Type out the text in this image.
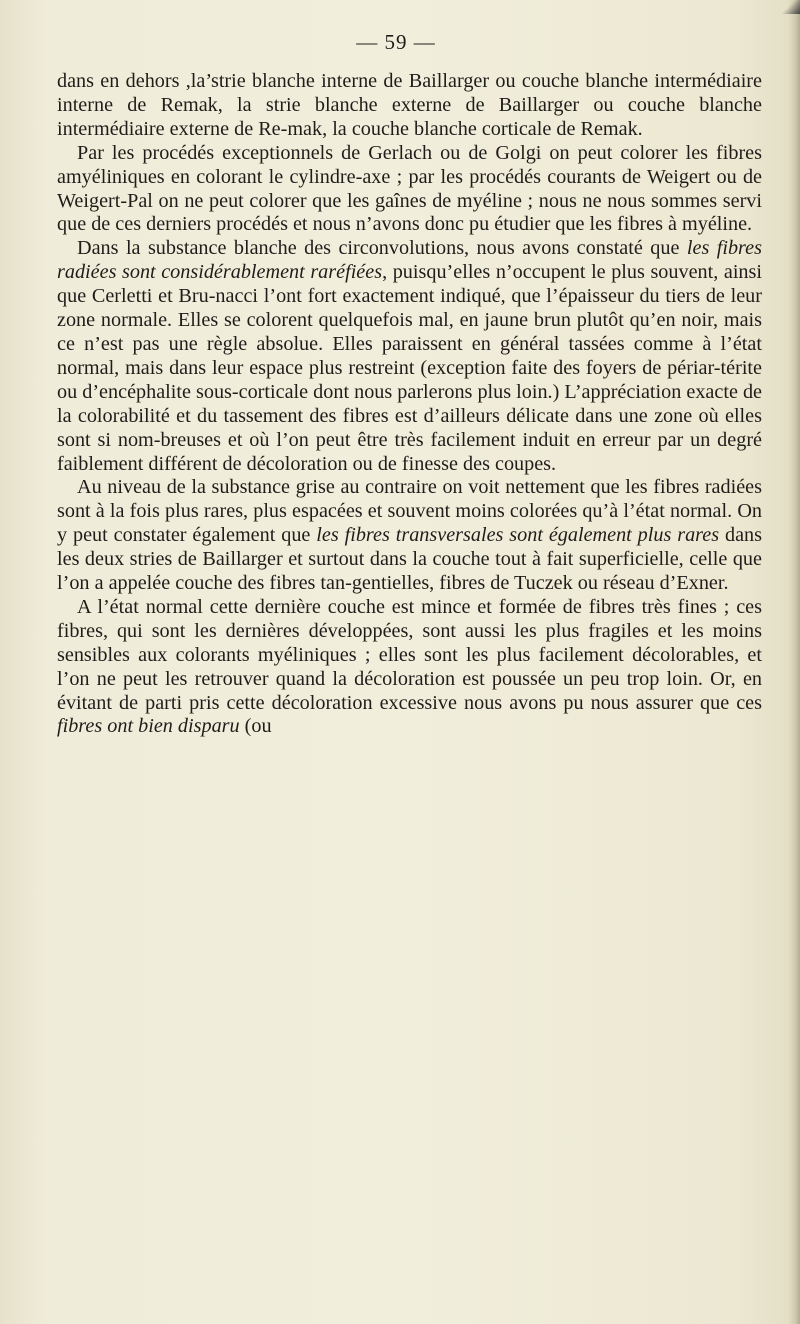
— 59 —

dans en dehors ,la’strie blanche interne de Baillarger ou couche blanche intermédiaire interne de Remak, la strie blanche externe de Baillarger ou couche blanche intermédiaire externe de Re-mak, la couche blanche corticale de Remak.

Par les procédés exceptionnels de Gerlach ou de Golgi on peut colorer les fibres amyéliniques en colorant le cylindre-axe ; par les procédés courants de Weigert ou de Weigert-Pal on ne peut colorer que les gaînes de myéline ; nous ne nous sommes servi que de ces derniers procédés et nous n’avons donc pu étudier que les fibres à myéline.

Dans la substance blanche des circonvolutions, nous avons constaté que les fibres radiées sont considérablement raréfiées, puisqu’elles n’occupent le plus souvent, ainsi que Cerletti et Bru-nacci l’ont fort exactement indiqué, que l’épaisseur du tiers de leur zone normale. Elles se colorent quelquefois mal, en jaune brun plutôt qu’en noir, mais ce n’est pas une règle absolue. Elles paraissent en général tassées comme à l’état normal, mais dans leur espace plus restreint (exception faite des foyers de périar-térite ou d’encéphalite sous-corticale dont nous parlerons plus loin.) L’appréciation exacte de la colorabilité et du tassement des fibres est d’ailleurs délicate dans une zone où elles sont si nom-breuses et où l’on peut être très facilement induit en erreur par un degré faiblement différent de décoloration ou de finesse des coupes.

Au niveau de la substance grise au contraire on voit nettement que les fibres radiées sont à la fois plus rares, plus espacées et souvent moins colorées qu’à l’état normal. On y peut constater également que les fibres transversales sont également plus rares dans les deux stries de Baillarger et surtout dans la couche tout à fait superficielle, celle que l’on a appelée couche des fibres tan-gentielles, fibres de Tuczek ou réseau d’Exner.

A l’état normal cette dernière couche est mince et formée de fibres très fines ; ces fibres, qui sont les dernières développées, sont aussi les plus fragiles et les moins sensibles aux colorants myéliniques ; elles sont les plus facilement décolorables, et l’on ne peut les retrouver quand la décoloration est poussée un peu trop loin. Or, en évitant de parti pris cette décoloration excessive nous avons pu nous assurer que ces fibres ont bien disparu (ou
